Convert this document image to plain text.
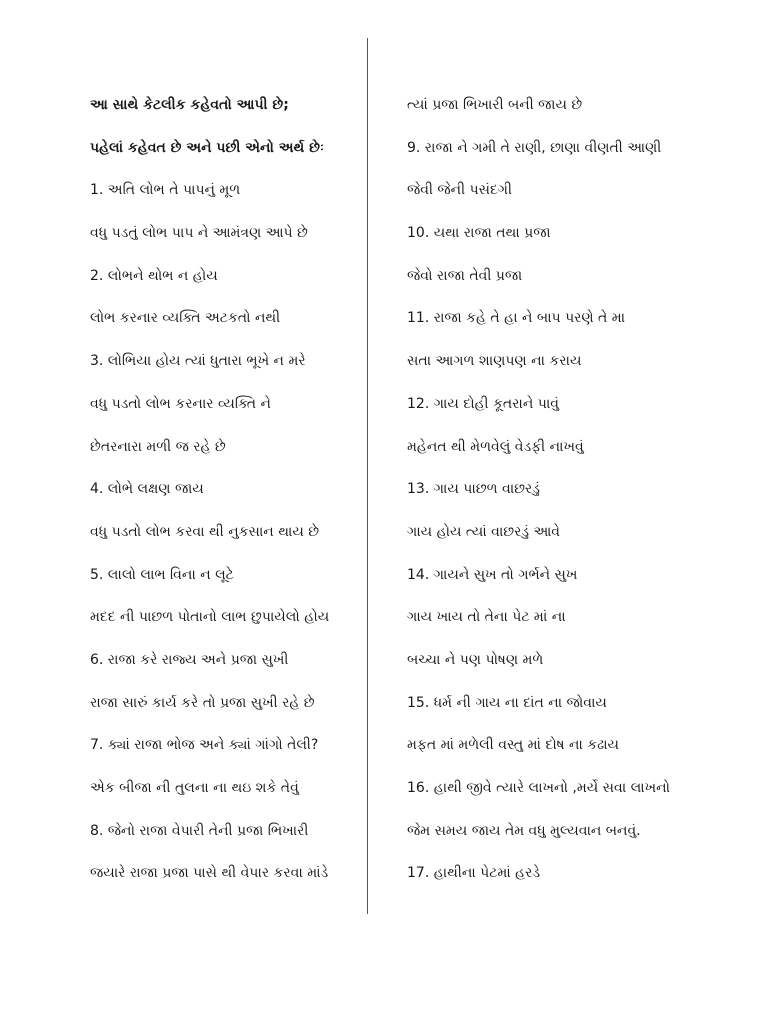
આ સાથે કેટલીક કહેવતો આપી છે;
પહેલાં કહેવત છે અને પછી એનો અર્થ છેઃ
1. અતિ લોભ તે પાપનું મૂળ
વધુ પડતું લોભ પાપ ને આમંત્રણ આપે છે
2. લોભને થોભ ન હોય
લોભ કરનાર વ્યક્તિ અટકતો નથી
3. લોભિયા હોય ત્યાં ધુતારા ભૂખે ન મરે
વધુ પડતો લોભ કરનાર વ્યક્તિ ને
છેતરનારા મળી જ રહે છે
4. લોભે લક્ષણ જાય
વધુ પડતો લોભ કરવા થી નુકસાન થાય છે
5. લાલો લાભ વિના ન લૂટે
મદદ ની પાછળ પોતાનો લાભ છુપાયેલો હોય
6. રાજા કરે રાજ્ય અને પ્રજા સુખી
રાજા સારું કાર્ય કરે તો પ્રજા સુખી રહે છે
7. ક્યાં રાજા ભોજ અને ક્યાં ગાંગો તેલી?
એક બીજા ની તુલના ના થઇ શકે તેવું
8. જેનો રાજા વેપારી તેની પ્રજા ભિખારી
જયારે રાજા પ્રજા પાસે થી વેપાર કરવા માંડે
ત્યાં પ્રજા ભિખારી બની જાય છે
9. રાજા ને ગમી તે રાણી, છાણા વીણતી આણી
જેવી જેની પસંદગી
10. યથા રાજા તથા પ્રજા
જેવો રાજા તેવી પ્રજા
11. રાજા કહે તે હા ને બાપ પરણે તે મા
સતા આગળ શાણપણ ના કરાય
12. ગાય દોહી કૂતરાને પાવું
મહેનત થી મેળવેલું વેડફી નાખવું
13. ગાય પાછળ વાછરડું
ગાય હોય ત્યાં વાછરડું આવે
14. ગાયને સુખ તો ગર્ભને સુખ
ગાય ખાય તો તેના પેટ માં ના
બચ્ચા ને પણ પોષણ મળે
15. ધર્મ ની ગાય ના દાંત ના જોવાય
મફત માં મળેલી વસ્તુ માં દોષ ના કઢાય
16. હાથી જીવે ત્યારે લાખનો ,મર્યે સવા લાખનો
જેમ સમય જાય તેમ વધુ મુલ્યવાન બનવું.
17. હાથીના પેટમાં હરડે
